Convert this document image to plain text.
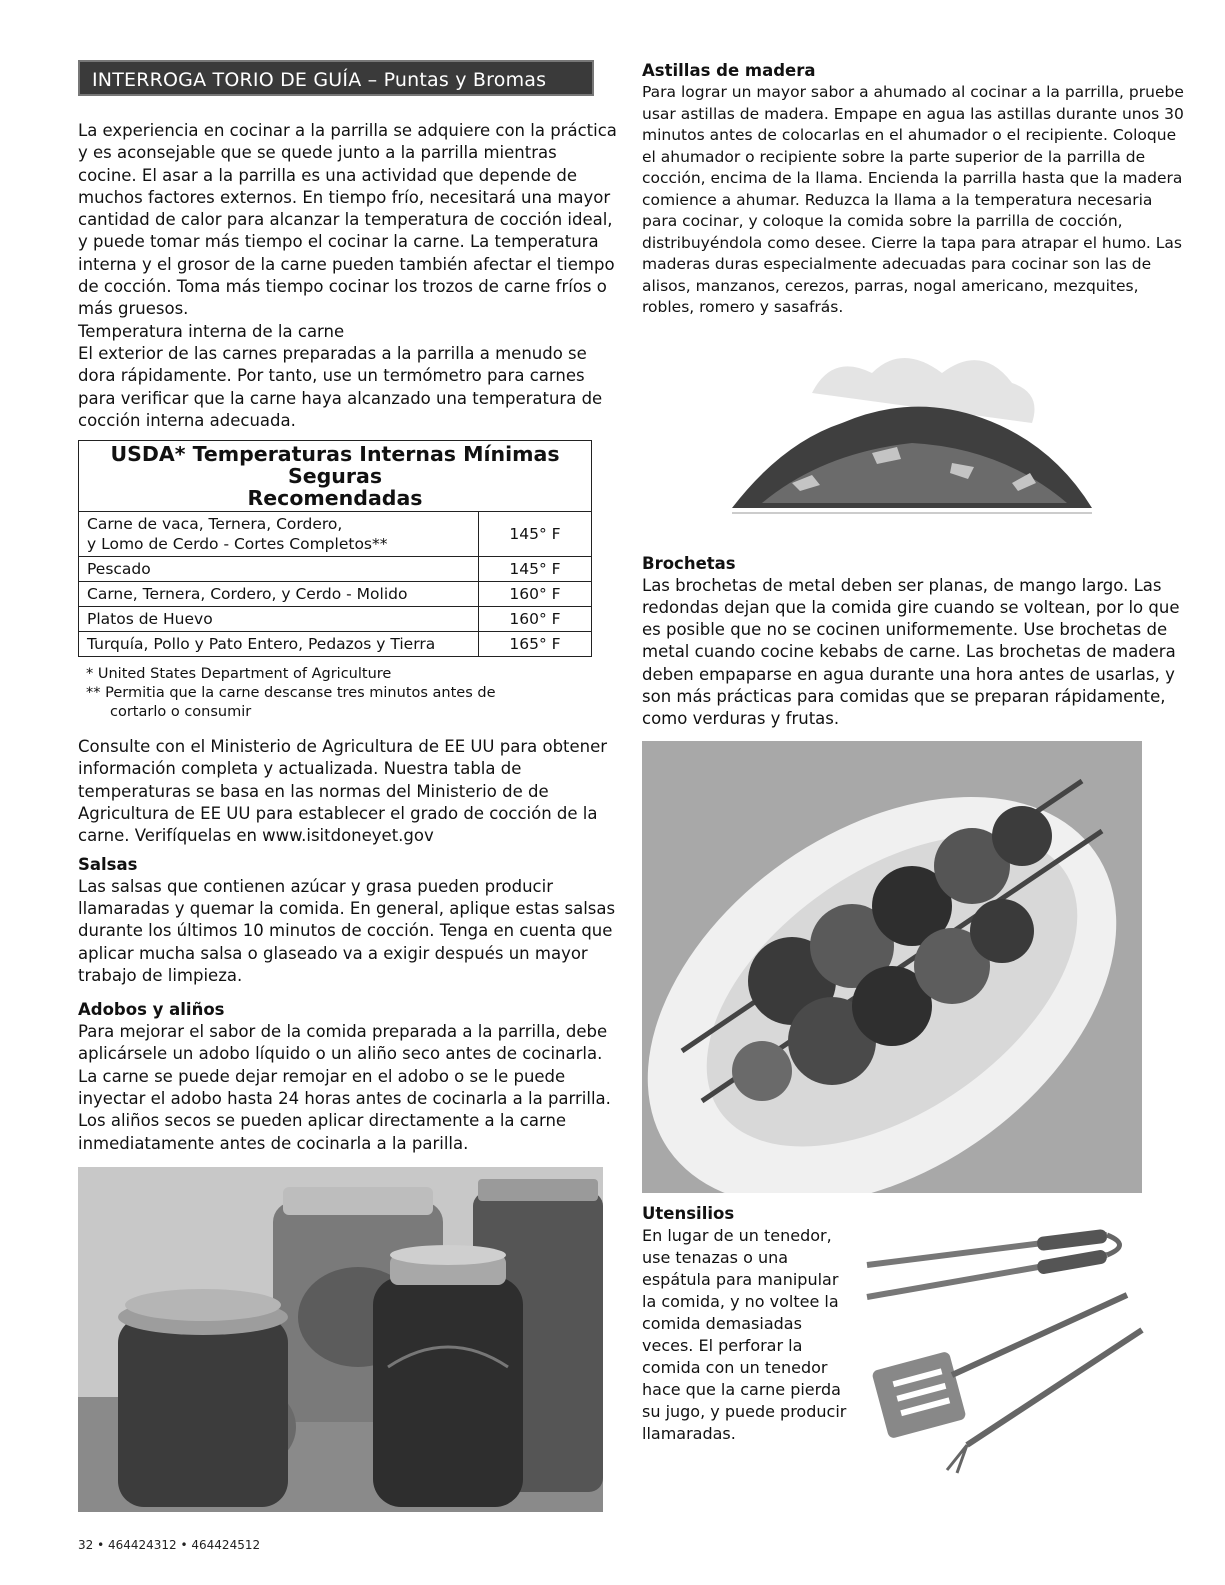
INTERROGA TORIO DE GUÍA – Puntas y Bromas

La experiencia en cocinar a la parrilla se adquiere con la práctica y es aconsejable que se quede junto a la parrilla mientras cocine. El asar a la parrilla es una actividad que depende de muchos factores externos. En tiempo frío, necesitará una mayor cantidad de calor para alcanzar la temperatura de cocción ideal, y puede tomar más tiempo el cocinar la carne. La temperatura interna y el grosor de la carne pueden también afectar el tiempo de cocción. Toma más tiempo cocinar los trozos de carne fríos o más gruesos.

Temperatura interna de la carne

El exterior de las carnes preparadas a la parrilla a menudo se dora rápidamente. Por tanto, use un termómetro para carnes para verificar que la carne haya alcanzado una temperatura de cocción interna adecuada.

USDA* Temperaturas Internas Mínimas Seguras
Recomendadas	

Carne de vaca, Ternera, Cordero,
y Lomo de Cerdo - Cortes Completos**	145° F
Pescado	145° F
Carne, Ternera, Cordero, y Cerdo - Molido	160° F
Platos de Huevo	160° F
Turquía, Pollo y Pato Entero, Pedazos y Tierra	165° F
* United States Department of Agriculture
** Permitia que la carne descanse tres minutos antes de
cortarlo o consumir

Consulte con el Ministerio de Agricultura de EE UU para obtener información completa y actualizada. Nuestra tabla de temperaturas se basa en las normas del Ministerio de de Agricultura de EE UU para establecer el grado de cocción de la carne. Verifíquelas en www.isitdoneyet.gov

Salsas

Las salsas que contienen azúcar y grasa pueden producir llamaradas y quemar la comida. En general, aplique estas salsas durante los últimos 10 minutos de cocción. Tenga en cuenta que aplicar mucha salsa o glaseado va a exigir después un mayor trabajo de limpieza.

Adobos y aliños

Para mejorar el sabor de la comida preparada a la parrilla, debe aplicársele un adobo líquido o un aliño seco antes de cocinarla. La carne se puede dejar remojar en el adobo o se le puede inyectar el adobo hasta 24 horas antes de cocinarla a la parrilla. Los aliños secos se pueden aplicar directamente a la carne inmediatamente antes de cocinarla a la parilla.

Astillas de madera

Para lograr un mayor sabor a ahumado al cocinar a la parrilla, pruebe usar astillas de madera. Empape en agua las astillas durante unos 30 minutos antes de colocarlas en el ahumador o el recipiente. Coloque el ahumador o recipiente sobre la parte superior de la parrilla de cocción, encima de la llama. Encienda la parrilla hasta que la madera comience a ahumar. Reduzca la llama a la temperatura necesaria para cocinar, y coloque la comida sobre la parrilla de cocción, distribuyéndola como desee. Cierre la tapa para atrapar el humo. Las maderas duras especialmente adecuadas para cocinar son las de alisos, manzanos, cerezos, parras, nogal americano, mezquites, robles, romero y sasafrás.

Brochetas

Las brochetas de metal deben ser planas, de mango largo. Las redondas dejan que la comida gire cuando se voltean, por lo que es posible que no se cocinen uniformemente. Use brochetas de metal cuando cocine kebabs de carne. Las brochetas de madera deben empaparse en agua durante una hora antes de usarlas, y son más prácticas para comidas que se preparan rápidamente, como verduras y frutas.

Utensilios

En lugar de un tenedor, use tenazas o una espátula para manipular la comida, y no voltee la comida demasiadas veces. El perforar la comida con un tenedor hace que la carne pierda su jugo, y puede producir llamaradas.

32 • 464424312 • 464424512
